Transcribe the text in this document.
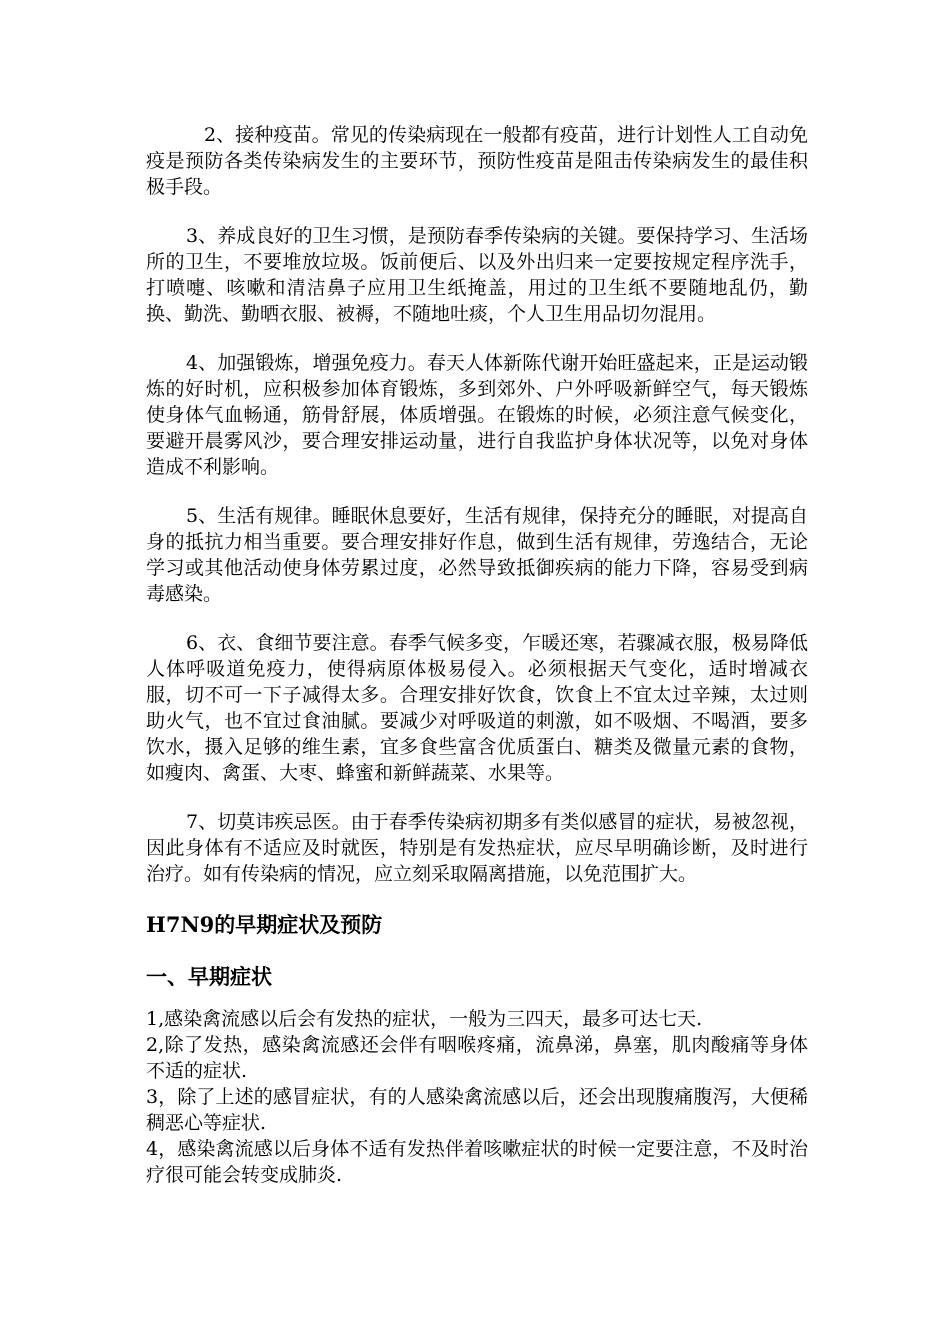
2、接种疫苗。常见的传染病现在一般都有疫苗，进行计划性人工自动免疫是预防各类传染病发生的主要环节，预防性疫苗是阻击传染病发生的最佳积极手段。

3、养成良好的卫生习惯，是预防春季传染病的关键。要保持学习、生活场所的卫生，不要堆放垃圾。饭前便后、以及外出归来一定要按规定程序洗手，打喷嚏、咳嗽和清洁鼻子应用卫生纸掩盖，用过的卫生纸不要随地乱仍，勤换、勤洗、勤晒衣服、被褥，不随地吐痰，个人卫生用品切勿混用。

4、加强锻炼，增强免疫力。春天人体新陈代谢开始旺盛起来，正是运动锻炼的好时机，应积极参加体育锻炼，多到郊外、户外呼吸新鲜空气，每天锻炼使身体气血畅通，筋骨舒展，体质增强。在锻炼的时候，必须注意气候变化，要避开晨雾风沙，要合理安排运动量，进行自我监护身体状况等，以免对身体造成不利影响。

5、生活有规律。睡眠休息要好，生活有规律，保持充分的睡眠，对提高自身的抵抗力相当重要。要合理安排好作息，做到生活有规律，劳逸结合，无论学习或其他活动使身体劳累过度，必然导致抵御疾病的能力下降，容易受到病毒感染。

6、衣、食细节要注意。春季气候多变，乍暖还寒，若骤减衣服，极易降低人体呼吸道免疫力，使得病原体极易侵入。必须根据天气变化，适时增减衣服，切不可一下子减得太多。合理安排好饮食，饮食上不宜太过辛辣，太过则助火气，也不宜过食油腻。要减少对呼吸道的刺激，如不吸烟、不喝酒，要多饮水，摄入足够的维生素，宜多食些富含优质蛋白、糖类及微量元素的食物，如瘦肉、禽蛋、大枣、蜂蜜和新鲜蔬菜、水果等。

7、切莫讳疾忌医。由于春季传染病初期多有类似感冒的症状，易被忽视，因此身体有不适应及时就医，特别是有发热症状，应尽早明确诊断，及时进行治疗。如有传染病的情况，应立刻采取隔离措施，以免范围扩大。

H7N9的早期症状及预防
一、早期症状
1,感染禽流感以后会有发热的症状，一般为三四天，最多可达七天.
2,除了发热，感染禽流感还会伴有咽喉疼痛，流鼻涕，鼻塞，肌肉酸痛等身体不适的症状.
3，除了上述的感冒症状，有的人感染禽流感以后，还会出现腹痛腹泻，大便稀稠恶心等症状.
4，感染禽流感以后身体不适有发热伴着咳嗽症状的时候一定要注意，不及时治疗很可能会转变成肺炎.
